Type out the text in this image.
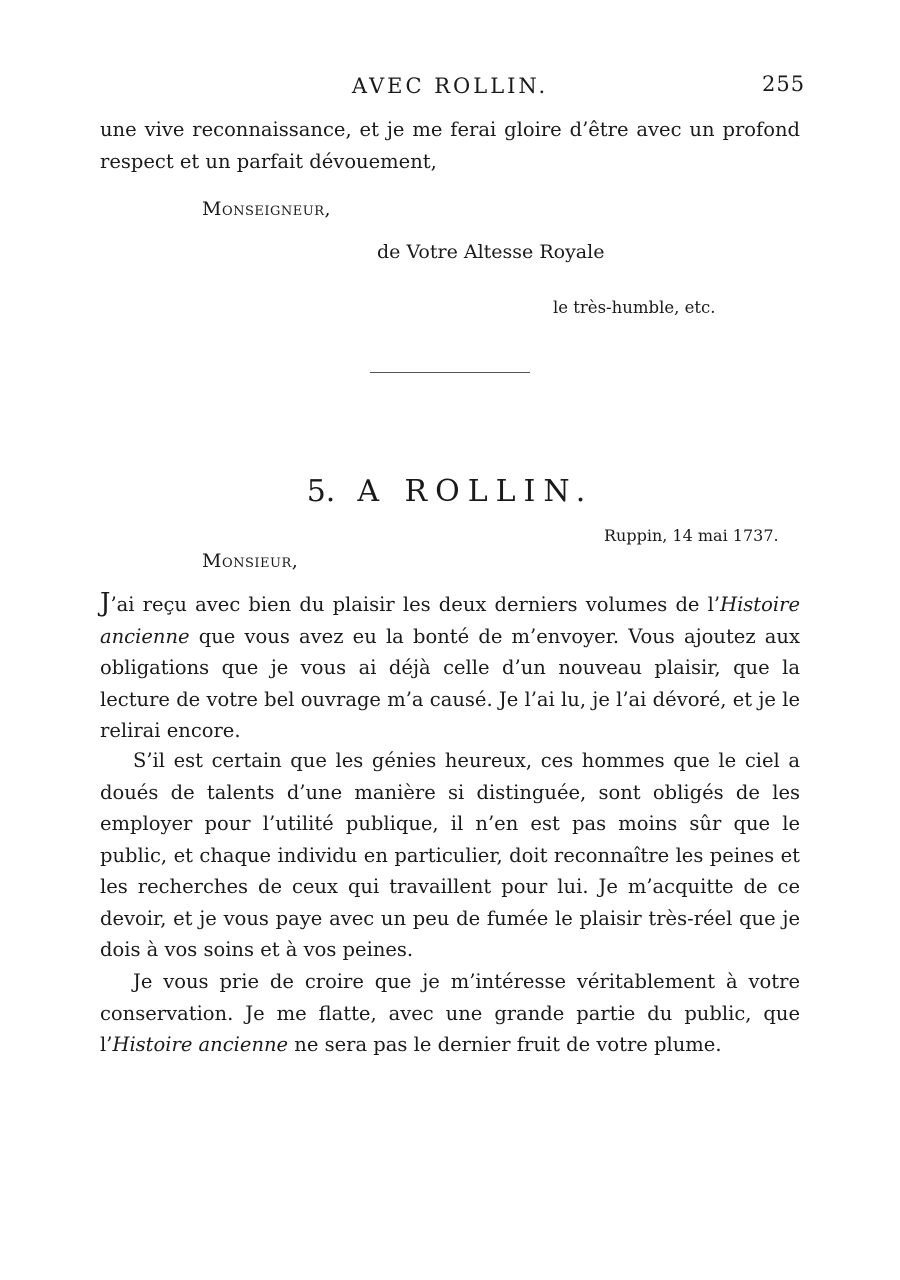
AVEC ROLLIN.	255
une vive reconnaissance, et je me ferai gloire d’être avec un profond
respect et un parfait dévouement,
Monseigneur,
de Votre Altesse Royale
le très-humble, etc.
5. A ROLLIN.
Ruppin, 14 mai 1737.
Monsieur,
J’ai reçu avec bien du plaisir les deux derniers volumes de l’Histoire ancienne que vous avez eu la bonté de m’envoyer. Vous ajoutez aux obligations que je vous ai déjà celle d’un nouveau plaisir, que la lecture de votre bel ouvrage m’a causé. Je l’ai lu, je l’ai dévoré, et je le relirai encore.
S’il est certain que les génies heureux, ces hommes que le ciel a doués de talents d’une manière si distinguée, sont obligés de les employer pour l’utilité publique, il n’en est pas moins sûr que le public, et chaque individu en particulier, doit reconnaître les peines et les recherches de ceux qui travaillent pour lui. Je m’acquitte de ce devoir, et je vous paye avec un peu de fumée le plaisir très-réel que je dois à vos soins et à vos peines.
Je vous prie de croire que je m’intéresse véritablement à votre conservation. Je me flatte, avec une grande partie du public, que l’Histoire ancienne ne sera pas le dernier fruit de votre plume.
